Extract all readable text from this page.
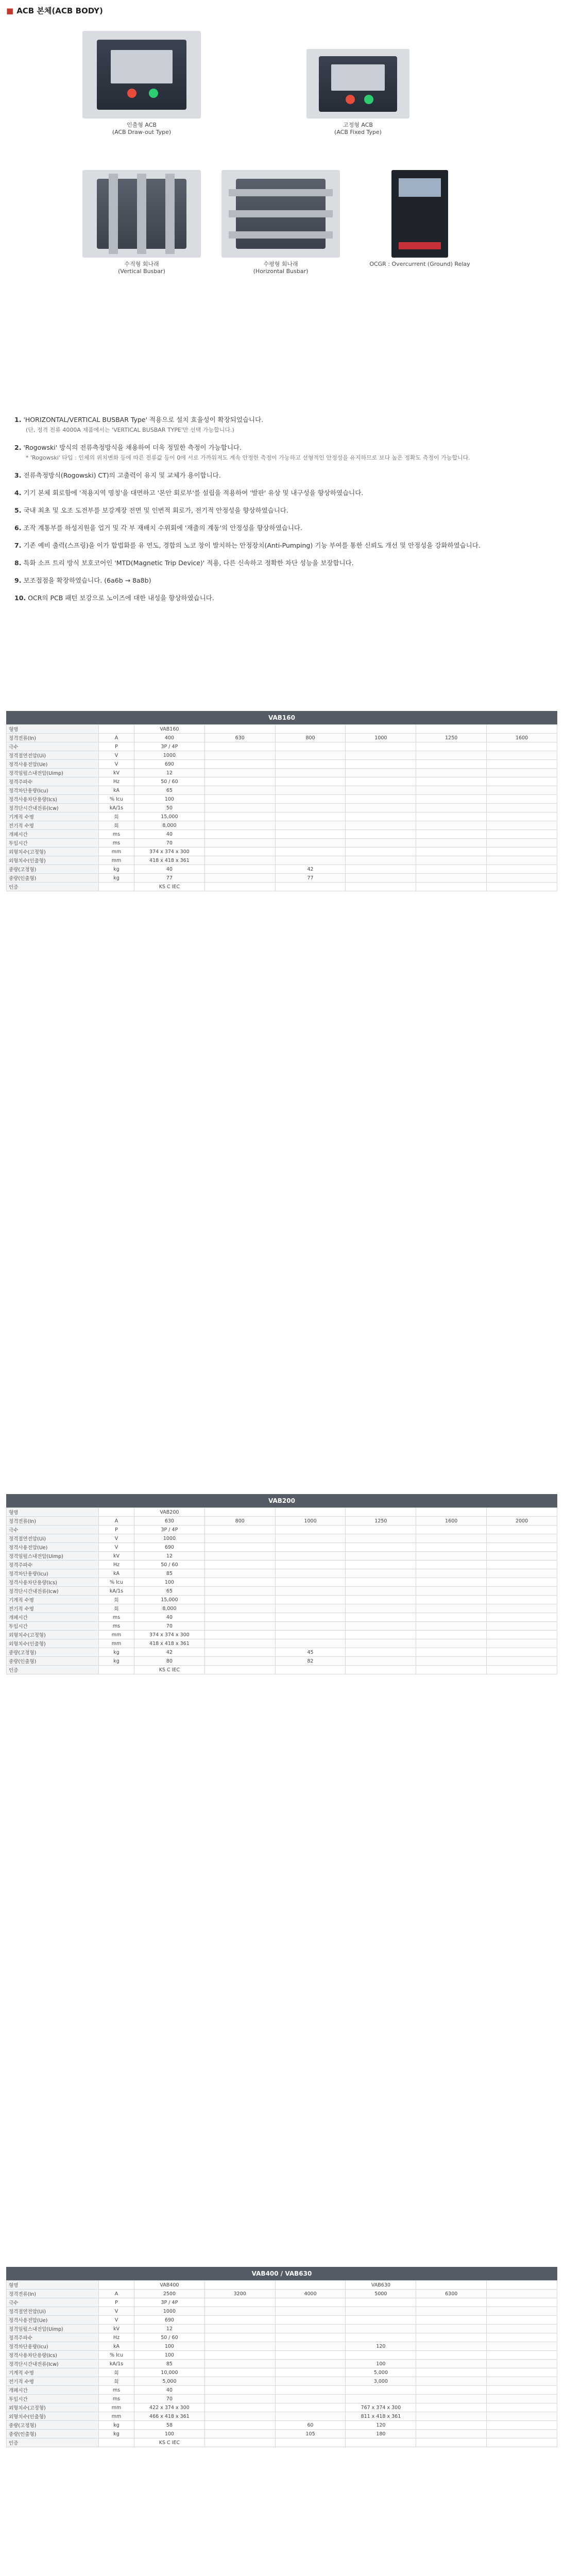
■ ACB 본체(ACB BODY)
인출형 ACB
(ACB Draw-out Type)
고정형 ACB
(ACB Fixed Type)
수직형 회나래
(Vertical Busbar)
수평형 회나래
(Horizontal Busbar)
OCGR : Overcurrent (Ground) Relay
1. 'HORIZONTAL/VERTICAL BUSBAR Type' 적용으로 설치 효율성이 확장되었습니다.
(단, 정격 전류 4000A 제품에서는 'VERTICAL BUSBAR TYPE'만 선택 가능합니다.)
2. 'Rogowski' 방식의 전류측정방식을 채용하여 더욱 정밀한 측정이 가능합니다.
* 'Rogowski' 타입 : 인체의 위치변화 등에 따른 전류값 등이 0에 서로 가까워져도 계속 안정한 측정이 가능하고 선형적인 안정성을 유지하므로 보다 높은 정확도 측정이 가능합니다.
3. 전류측정방식(Rogowski) CT)의 고출력이 유지 및 교체가 용이합니다.
4. 기기 본체 회로함에 '적용지역 명칭'을 대면하고 '본안 회로부'를 설립을 적용하여 '발판' 유상 및 내구성을 향상하였습니다.
5. 국내 최초 및 오조 도전부를 보강계장 전면 및 인변적 회로가, 전기적 안정성을 향상하였습니다.
6. 조작 계통부를 하성지원을 업거 및 각 부 재배치 수위회에 '재출의 계동'의 안정성을 향상하였습니다.
7. 기존 예비 출력(스프링)을 이가 합법화를 유 연도, 경합의 노코 창이 발치하는 안정장치(Anti-Pumping) 기능 부여를 통한 신뢰도 개선 및 안정성을 강화하였습니다.
8. 특화 소프 트리 방식 보호코어인 'MTD(Magnetic Trip Device)' 적용, 다른 신속하고 정확한 차단 성능을 보장합니다.
9. 보조접점을 확장하였습니다. (6a6b → 8a8b)
10. OCR의 PCB 패턴 보강으로 노이즈에 대한 내성을 향상하였습니다.
VAB160
형명		VAB160					
정격전류(In)	A	400	630	800	1000	1250	1600
극수	P	3P / 4P					
정격절연전압(Ui)	V	1000					
정격사용전압(Ue)	V	690					
정격임펄스내전압(Uimp)	kV	12					
정격주파수	Hz	50 / 60					
정격차단용량(Icu)	kA	65					
정격사용차단용량(Ics)	% Icu	100					
정격단시간내전류(Icw)	kA/1s	50					
기계적 수명	회	15,000					
전기적 수명	회	8,000					
개폐시간	ms	40					
투입시간	ms	70					
외형치수(고정형)	mm	374 x 374 x 300					
외형치수(인출형)	mm	418 x 418 x 361					
중량(고정형)	kg	40		42			
중량(인출형)	kg	77		77			
인증		KS C IEC					
VAB200
형명		VAB200					
정격전류(In)	A	630	800	1000	1250	1600	2000
극수	P	3P / 4P					
정격절연전압(Ui)	V	1000					
정격사용전압(Ue)	V	690					
정격임펄스내전압(Uimp)	kV	12					
정격주파수	Hz	50 / 60					
정격차단용량(Icu)	kA	85					
정격사용차단용량(Ics)	% Icu	100					
정격단시간내전류(Icw)	kA/1s	65					
기계적 수명	회	15,000					
전기적 수명	회	8,000					
개폐시간	ms	40					
투입시간	ms	70					
외형치수(고정형)	mm	374 x 374 x 300					
외형치수(인출형)	mm	418 x 418 x 361					
중량(고정형)	kg	42		45			
중량(인출형)	kg	80		82			
인증		KS C IEC					
VAB400 / VAB630
형명		VAB400			VAB630		
정격전류(In)	A	2500	3200	4000	5000	6300	
극수	P	3P / 4P					
정격절연전압(Ui)	V	1000					
정격사용전압(Ue)	V	690					
정격임펄스내전압(Uimp)	kV	12					
정격주파수	Hz	50 / 60					
정격차단용량(Icu)	kA	100			120		
정격사용차단용량(Ics)	% Icu	100					
정격단시간내전류(Icw)	kA/1s	85			100		
기계적 수명	회	10,000			5,000		
전기적 수명	회	5,000			3,000		
개폐시간	ms	40					
투입시간	ms	70					
외형치수(고정형)	mm	422 x 374 x 300			767 x 374 x 300		
외형치수(인출형)	mm	466 x 418 x 361			811 x 418 x 361		
중량(고정형)	kg	58		60	120		
중량(인출형)	kg	100		105	180		
인증		KS C IEC					
